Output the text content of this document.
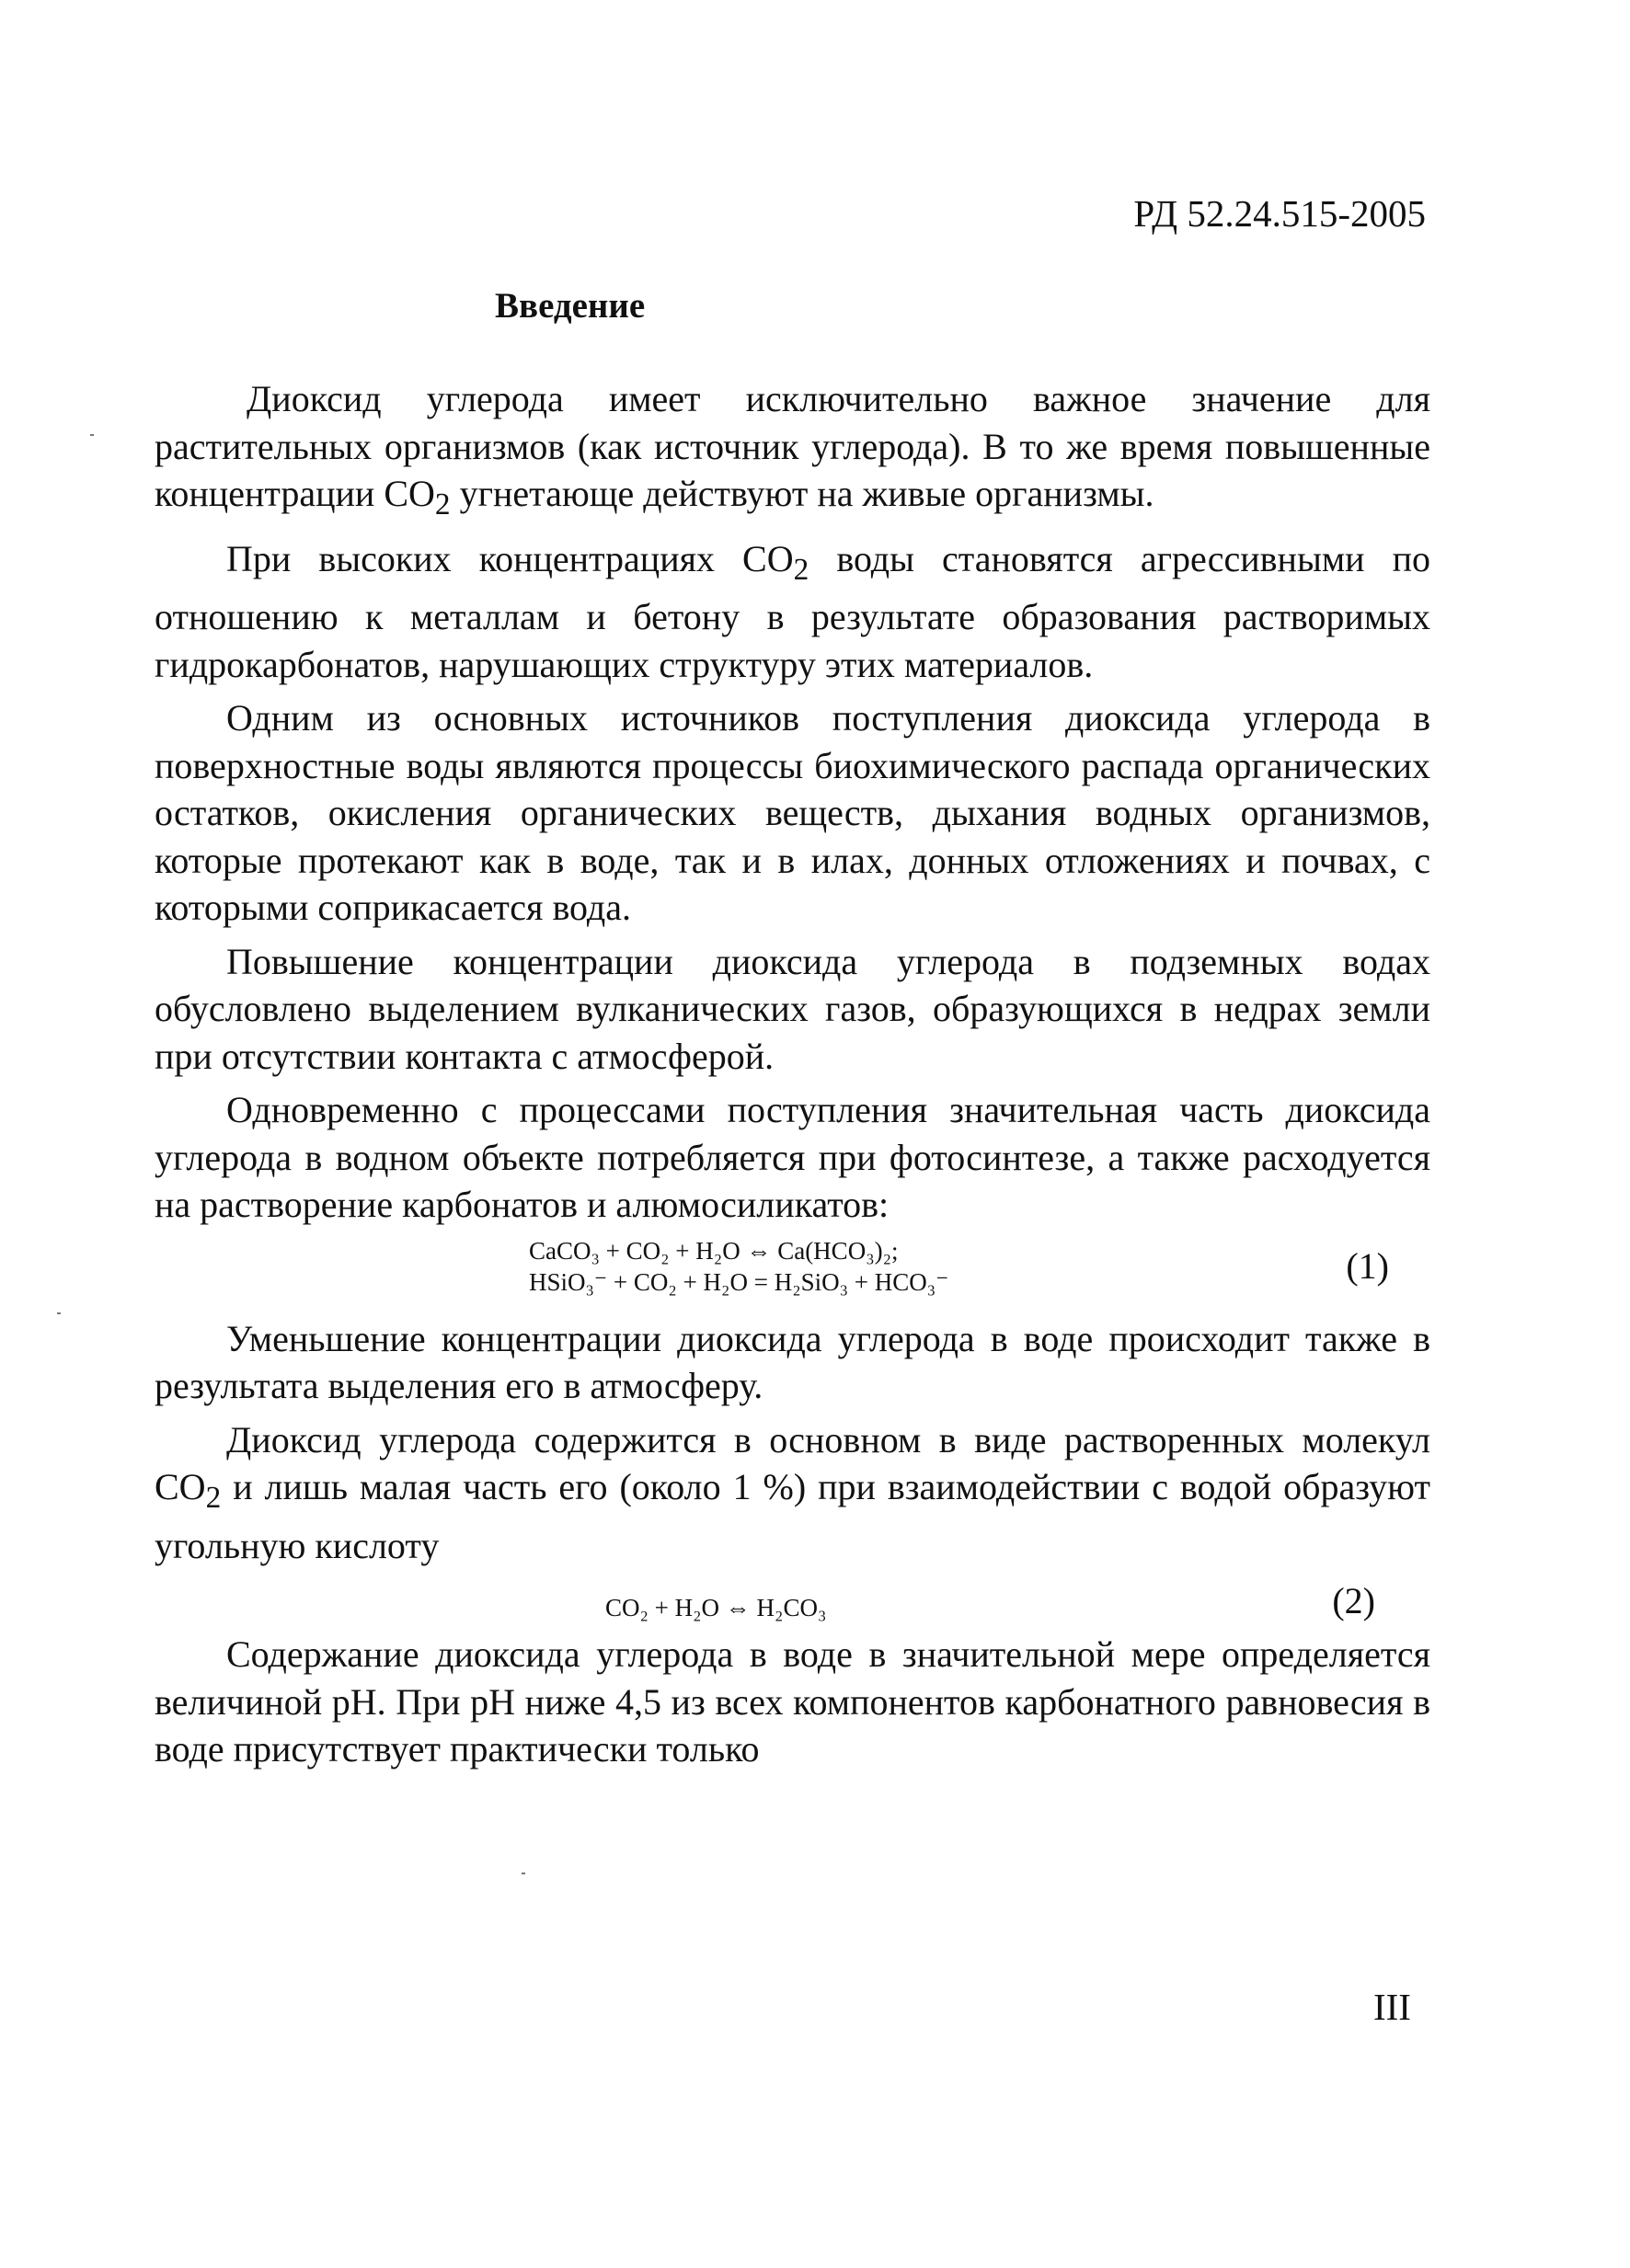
РД 52.24.515-2005
Введение

Диоксид углерода имеет исключительно важное значение для растительных организмов (как источник углерода). В то же время повышенные концентрации $СО_2$ угнетающе действуют на живые организмы.

При высоких концентрациях $СО_2$ воды становятся агрессивными по отношению к металлам и бетону в результате образования растворимых гидрокарбонатов, нарушающих структуру этих материалов.

Одним из основных источников поступления диоксида углерода в поверхностные воды являются процессы биохимического распада органических остатков, окисления органических веществ, дыхания водных организмов, которые протекают как в воде, так и в илах, донных отложениях и почвах, с которыми соприкасается вода.

Повышение концентрации диоксида углерода в подземных водах обусловлено выделением вулканических газов, образующихся в недрах земли при отсутствии контакта с атмосферой.

Одновременно с процессами поступления значительная часть диоксида углерода в водном объекте потребляется при фотосинтезе, а также расходуется на растворение карбонатов и алюмосиликатов:

CaCO₃ + CO₂ + H₂O ⇔ Ca(HCO₃)₂;
HSiO₃⁻ + CO₂ + H₂O = H₂SiO₃ + HCO₃⁻	(1)

Уменьшение концентрации диоксида углерода в воде происходит также в результата выделения его в атмосферу.

Диоксид углерода содержится в основном в виде растворенных молекул $СО_2$ и лишь малая часть его (около 1 %) при взаимодействии с водой образуют угольную кислоту

CO₂ + H₂O ⇔ H₂CO₃	(2)

Содержание диоксида углерода в воде в значительной мере определяется величиной рН. При рН ниже 4,5 из всех компонентов карбонатного равновесия в воде присутствует практически только

III
